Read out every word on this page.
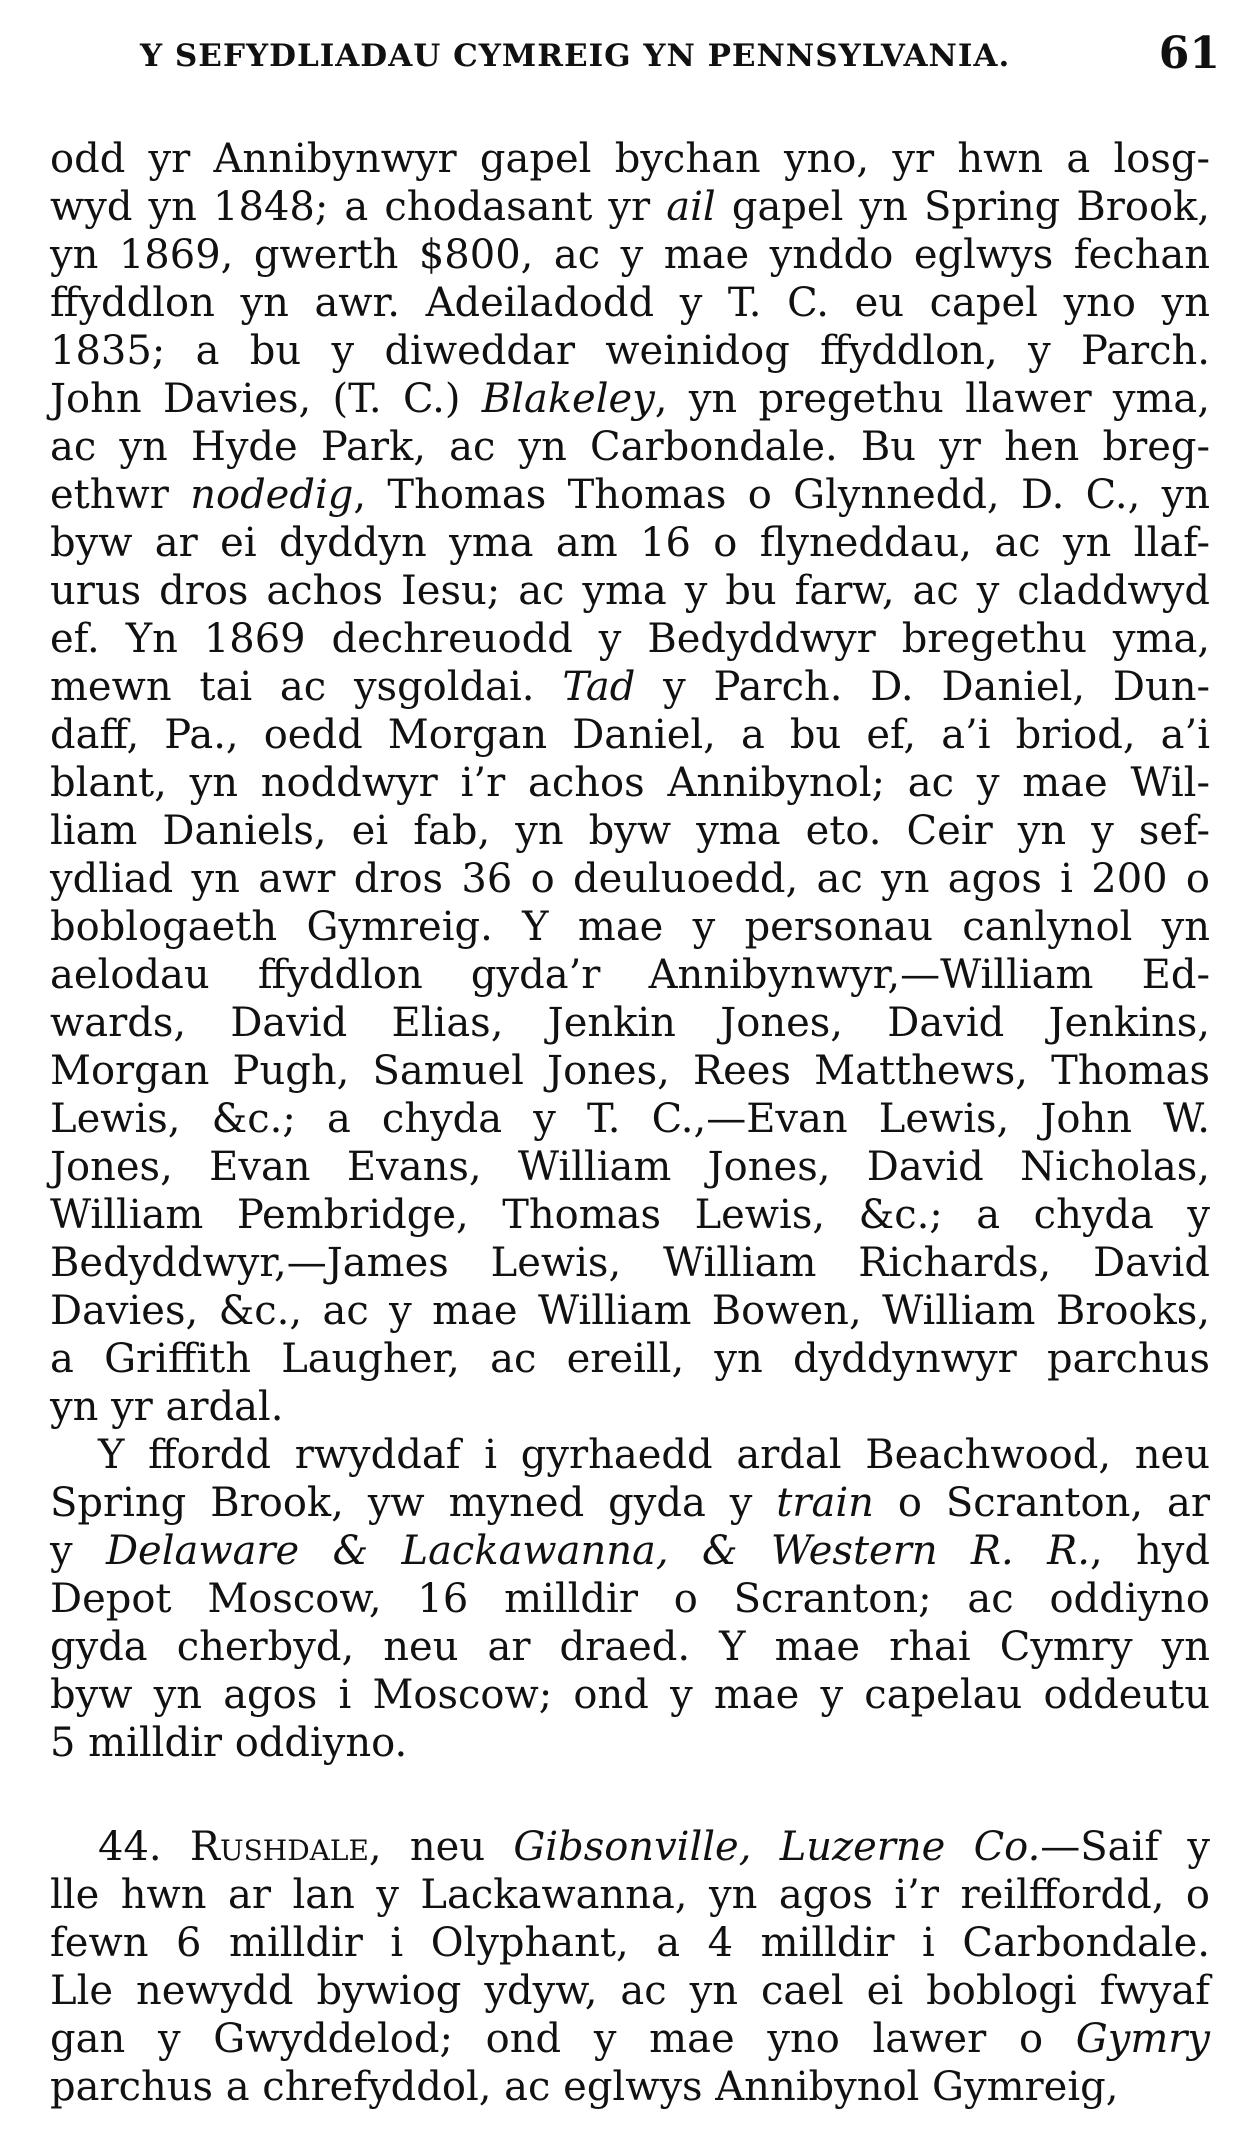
Y SEFYDLIADAU CYMREIG YN PENNSYLVANIA.	61
odd yr Annibynwyr gapel bychan yno, yr hwn a losg-
wyd yn 1848; a chodasant yr ail gapel yn Spring Brook,
yn 1869, gwerth $800, ac y mae ynddo eglwys fechan
ffyddlon yn awr. Adeiladodd y T. C. eu capel yno yn
1835; a bu y diweddar weinidog ffyddlon, y Parch.
John Davies, (T. C.) Blakeley, yn pregethu llawer yma,
ac yn Hyde Park, ac yn Carbondale. Bu yr hen breg-
ethwr nodedig, Thomas Thomas o Glynnedd, D. C., yn
byw ar ei dyddyn yma am 16 o flyneddau, ac yn llaf-
urus dros achos Iesu; ac yma y bu farw, ac y claddwyd
ef. Yn 1869 dechreuodd y Bedyddwyr bregethu yma,
mewn tai ac ysgoldai. Tad y Parch. D. Daniel, Dun-
daff, Pa., oedd Morgan Daniel, a bu ef, a’i briod, a’i
blant, yn noddwyr i’r achos Annibynol; ac y mae Wil-
liam Daniels, ei fab, yn byw yma eto. Ceir yn y sef-
ydliad yn awr dros 36 o deuluoedd, ac yn agos i 200 o
boblogaeth Gymreig. Y mae y personau canlynol yn
aelodau ffyddlon gyda’r Annibynwyr,—William Ed-
wards, David Elias, Jenkin Jones, David Jenkins,
Morgan Pugh, Samuel Jones, Rees Matthews, Thomas
Lewis, &c.; a chyda y T. C.,—Evan Lewis, John W.
Jones, Evan Evans, William Jones, David Nicholas,
William Pembridge, Thomas Lewis, &c.; a chyda y
Bedyddwyr,—James Lewis, William Richards, David
Davies, &c., ac y mae William Bowen, William Brooks,
a Griffith Laugher, ac ereill, yn dyddynwyr parchus
yn yr ardal.
Y ffordd rwyddaf i gyrhaedd ardal Beachwood, neu
Spring Brook, yw myned gyda y train o Scranton, ar
y Delaware & Lackawanna, & Western R. R., hyd
Depot Moscow, 16 milldir o Scranton; ac oddiyno
gyda cherbyd, neu ar draed. Y mae rhai Cymry yn
byw yn agos i Moscow; ond y mae y capelau oddeutu
5 milldir oddiyno.
44. Rushdale, neu Gibsonville, Luzerne Co.—Saif y
lle hwn ar lan y Lackawanna, yn agos i’r reilffordd, o
fewn 6 milldir i Olyphant, a 4 milldir i Carbondale.
Lle newydd bywiog ydyw, ac yn cael ei boblogi fwyaf
gan y Gwyddelod; ond y mae yno lawer o Gymry
parchus a chrefyddol, ac eglwys Annibynol Gymreig,
